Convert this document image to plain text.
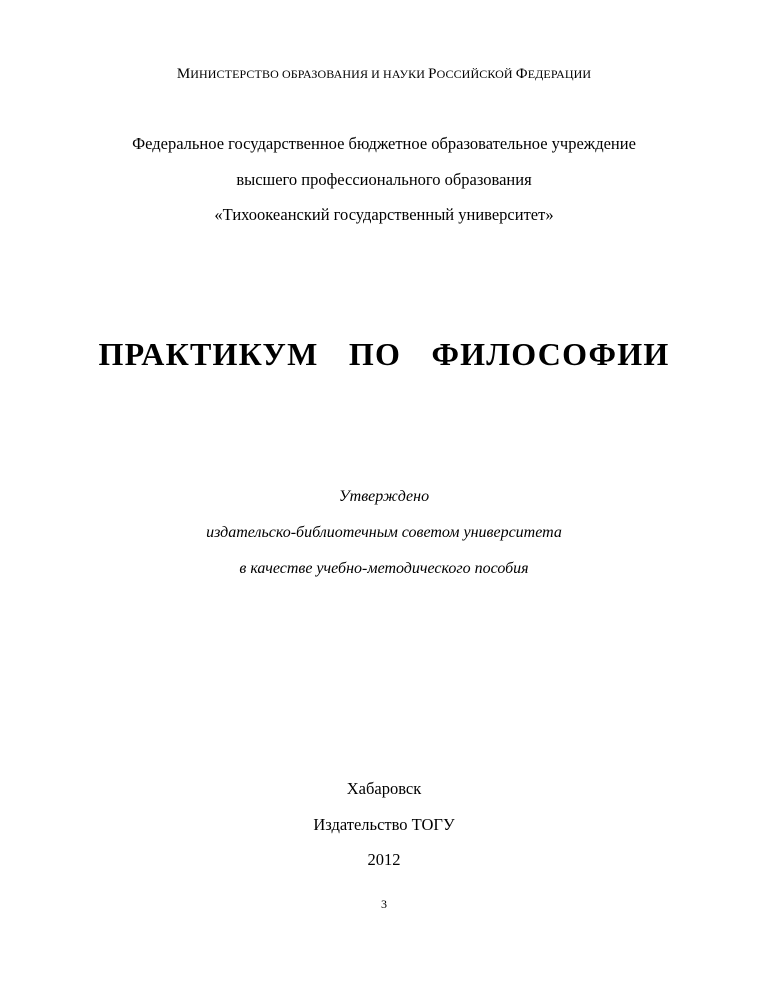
МИНИСТЕРСТВО ОБРАЗОВАНИЯ И НАУКИ РОССИЙСКОЙ ФЕДЕРАЦИИ
Федеральное государственное бюджетное образовательное учреждение
высшего профессионального образования
«Тихоокеанский государственный университет»
ПРАКТИКУМ  ПО  ФИЛОСОФИИ
Утверждено
издательско-библиотечным советом университета
в качестве учебно-методического пособия
Хабаровск
Издательство ТОГУ
2012
3
